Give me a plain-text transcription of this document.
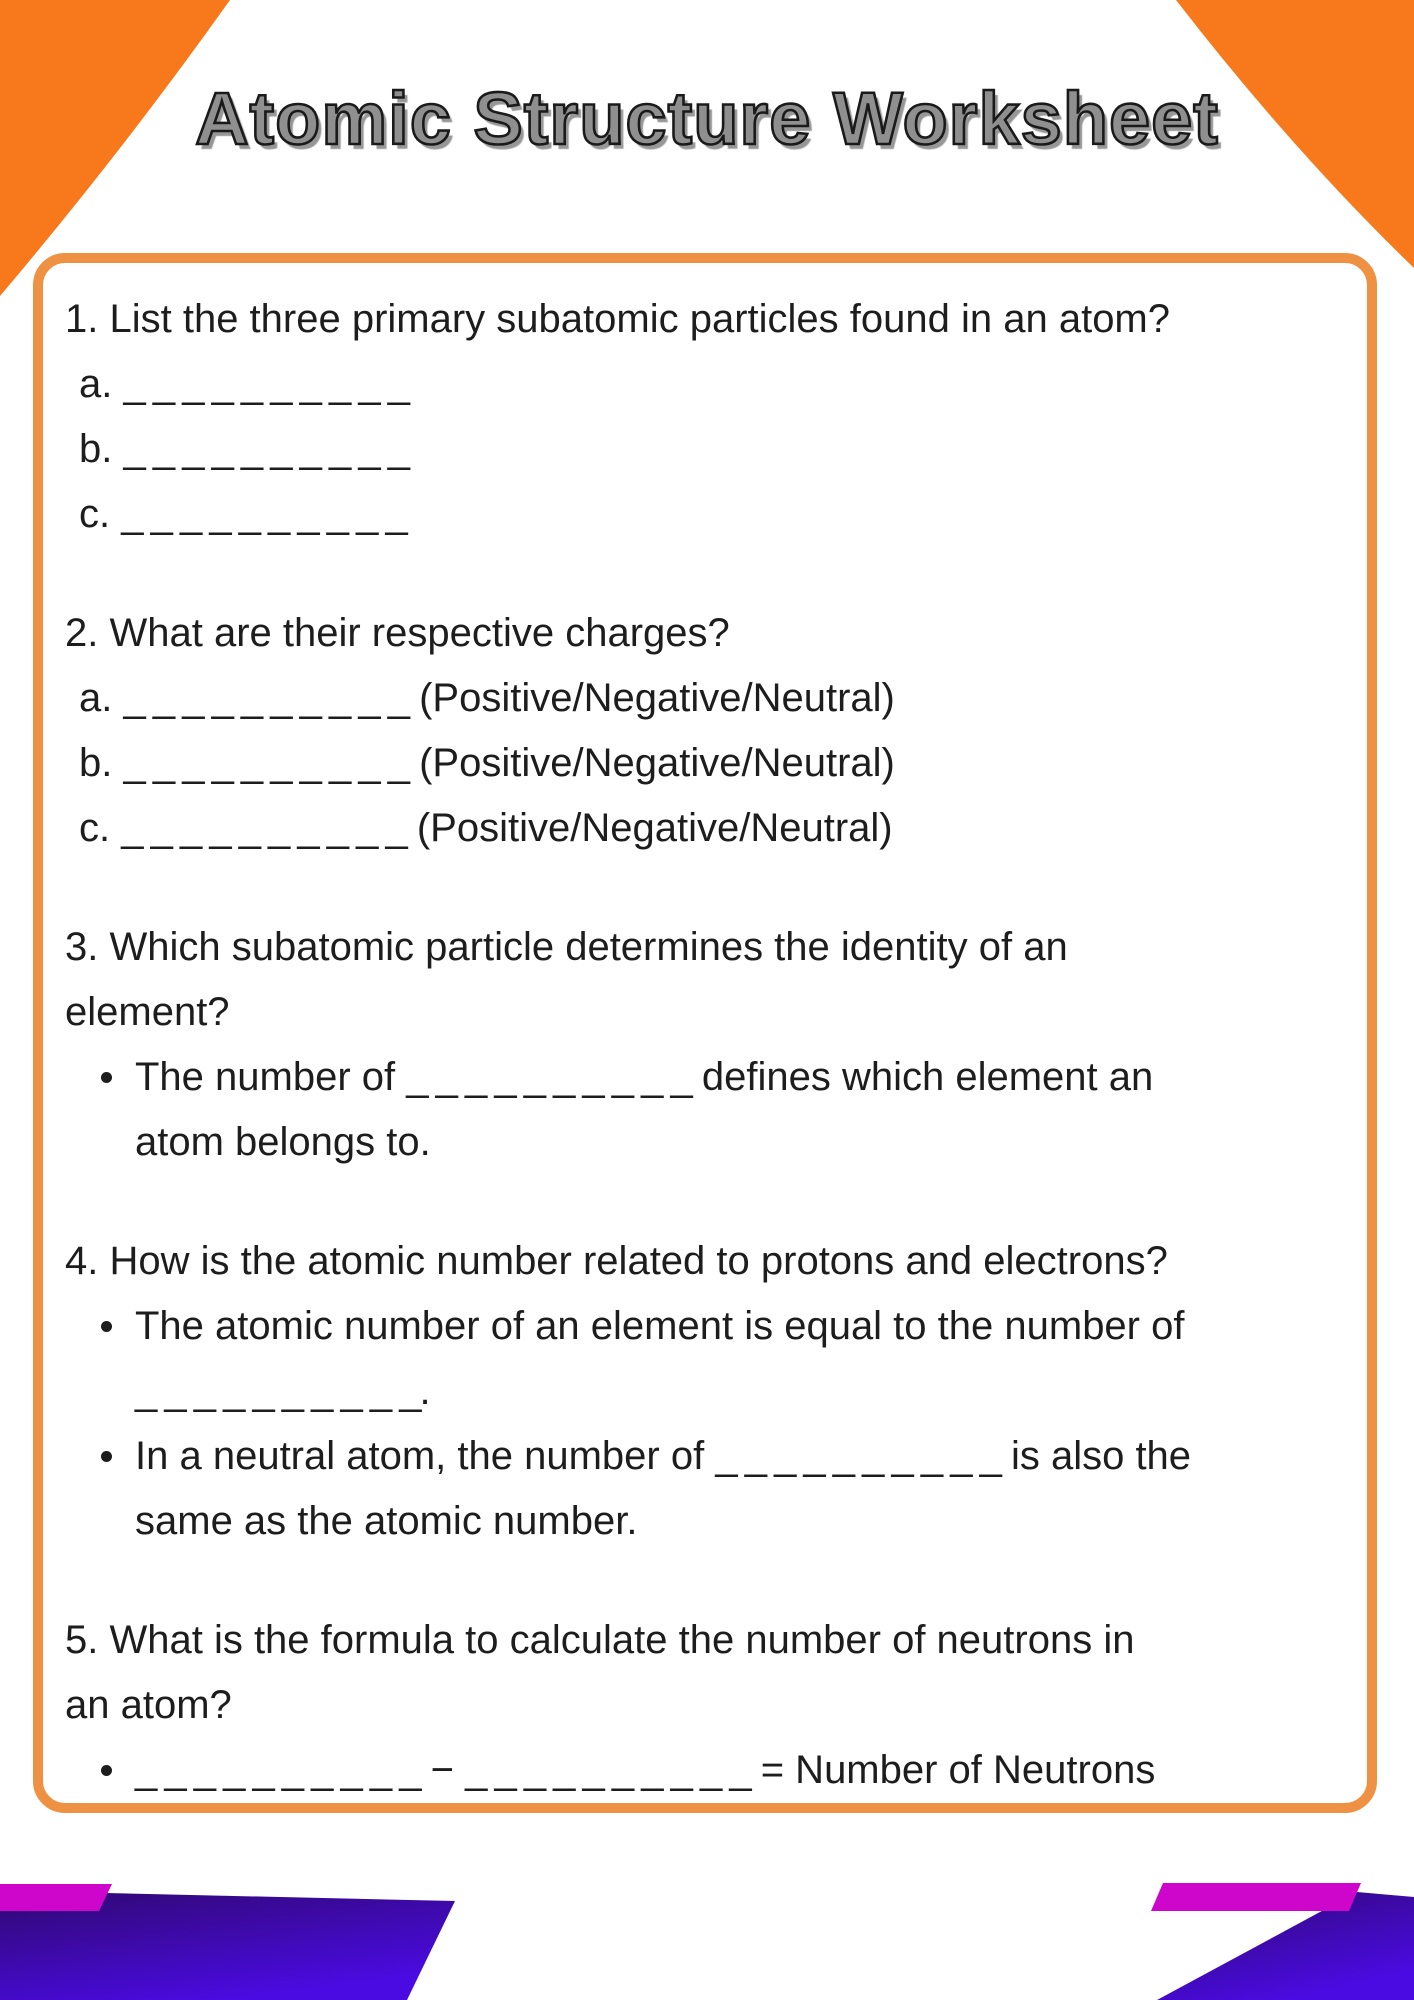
Atomic Structure Worksheet
1. List the three primary subatomic particles found in an atom?
a. _ _ _ _ _ _ _ _ _ _
b. _ _ _ _ _ _ _ _ _ _
c. _ _ _ _ _ _ _ _ _ _
2. What are their respective charges?
a. _ _ _ _ _ _ _ _ _ _ (Positive/Negative/Neutral)
b. _ _ _ _ _ _ _ _ _ _ (Positive/Negative/Neutral)
c. _ _ _ _ _ _ _ _ _ _ (Positive/Negative/Neutral)
3. Which subatomic particle determines the identity of an
element?
The number of _ _ _ _ _ _ _ _ _ _ defines which element an
atom belongs to.
4. How is the atomic number related to protons and electrons?
The atomic number of an element is equal to the number of
_ _ _ _ _ _ _ _ _ _.
In a neutral atom, the number of _ _ _ _ _ _ _ _ _ _ is also the
same as the atomic number.
5. What is the formula to calculate the number of neutrons in
an atom?
_ _ _ _ _ _ _ _ _ _ − _ _ _ _ _ _ _ _ _ _ = Number of Neutrons
